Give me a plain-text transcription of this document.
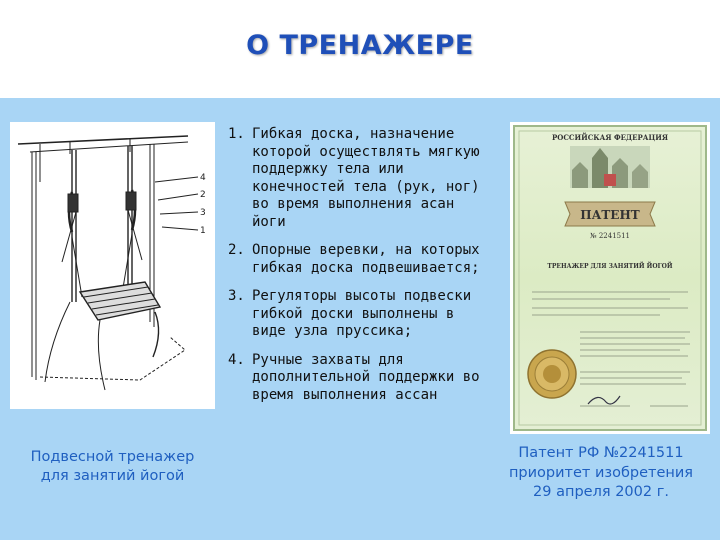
О ТРЕНАЖЕРЕ
4
2
3
1
Подвесной тренажер
для занятий йогой
1. Гибкая доска, назначение которой осуществлять мягкую поддержку тела или конечностей тела (рук, ног) во время выполнения асан йоги
2. Опорные веревки, на которых гибкая доска подвешивается;
3. Регуляторы высоты подвески гибкой доски выполнены в виде узла пруссика;
4. Ручные захваты для дополнительной поддержки во время выполнения ассан
РОССИЙСКАЯ ФЕДЕРАЦИЯ
ПАТЕНТ
№ 2241511
ТРЕНАЖЕР ДЛЯ ЗАНЯТИЙ ЙОГОЙ
Патент РФ №2241511
приоритет изобретения
29 апреля 2002 г.
